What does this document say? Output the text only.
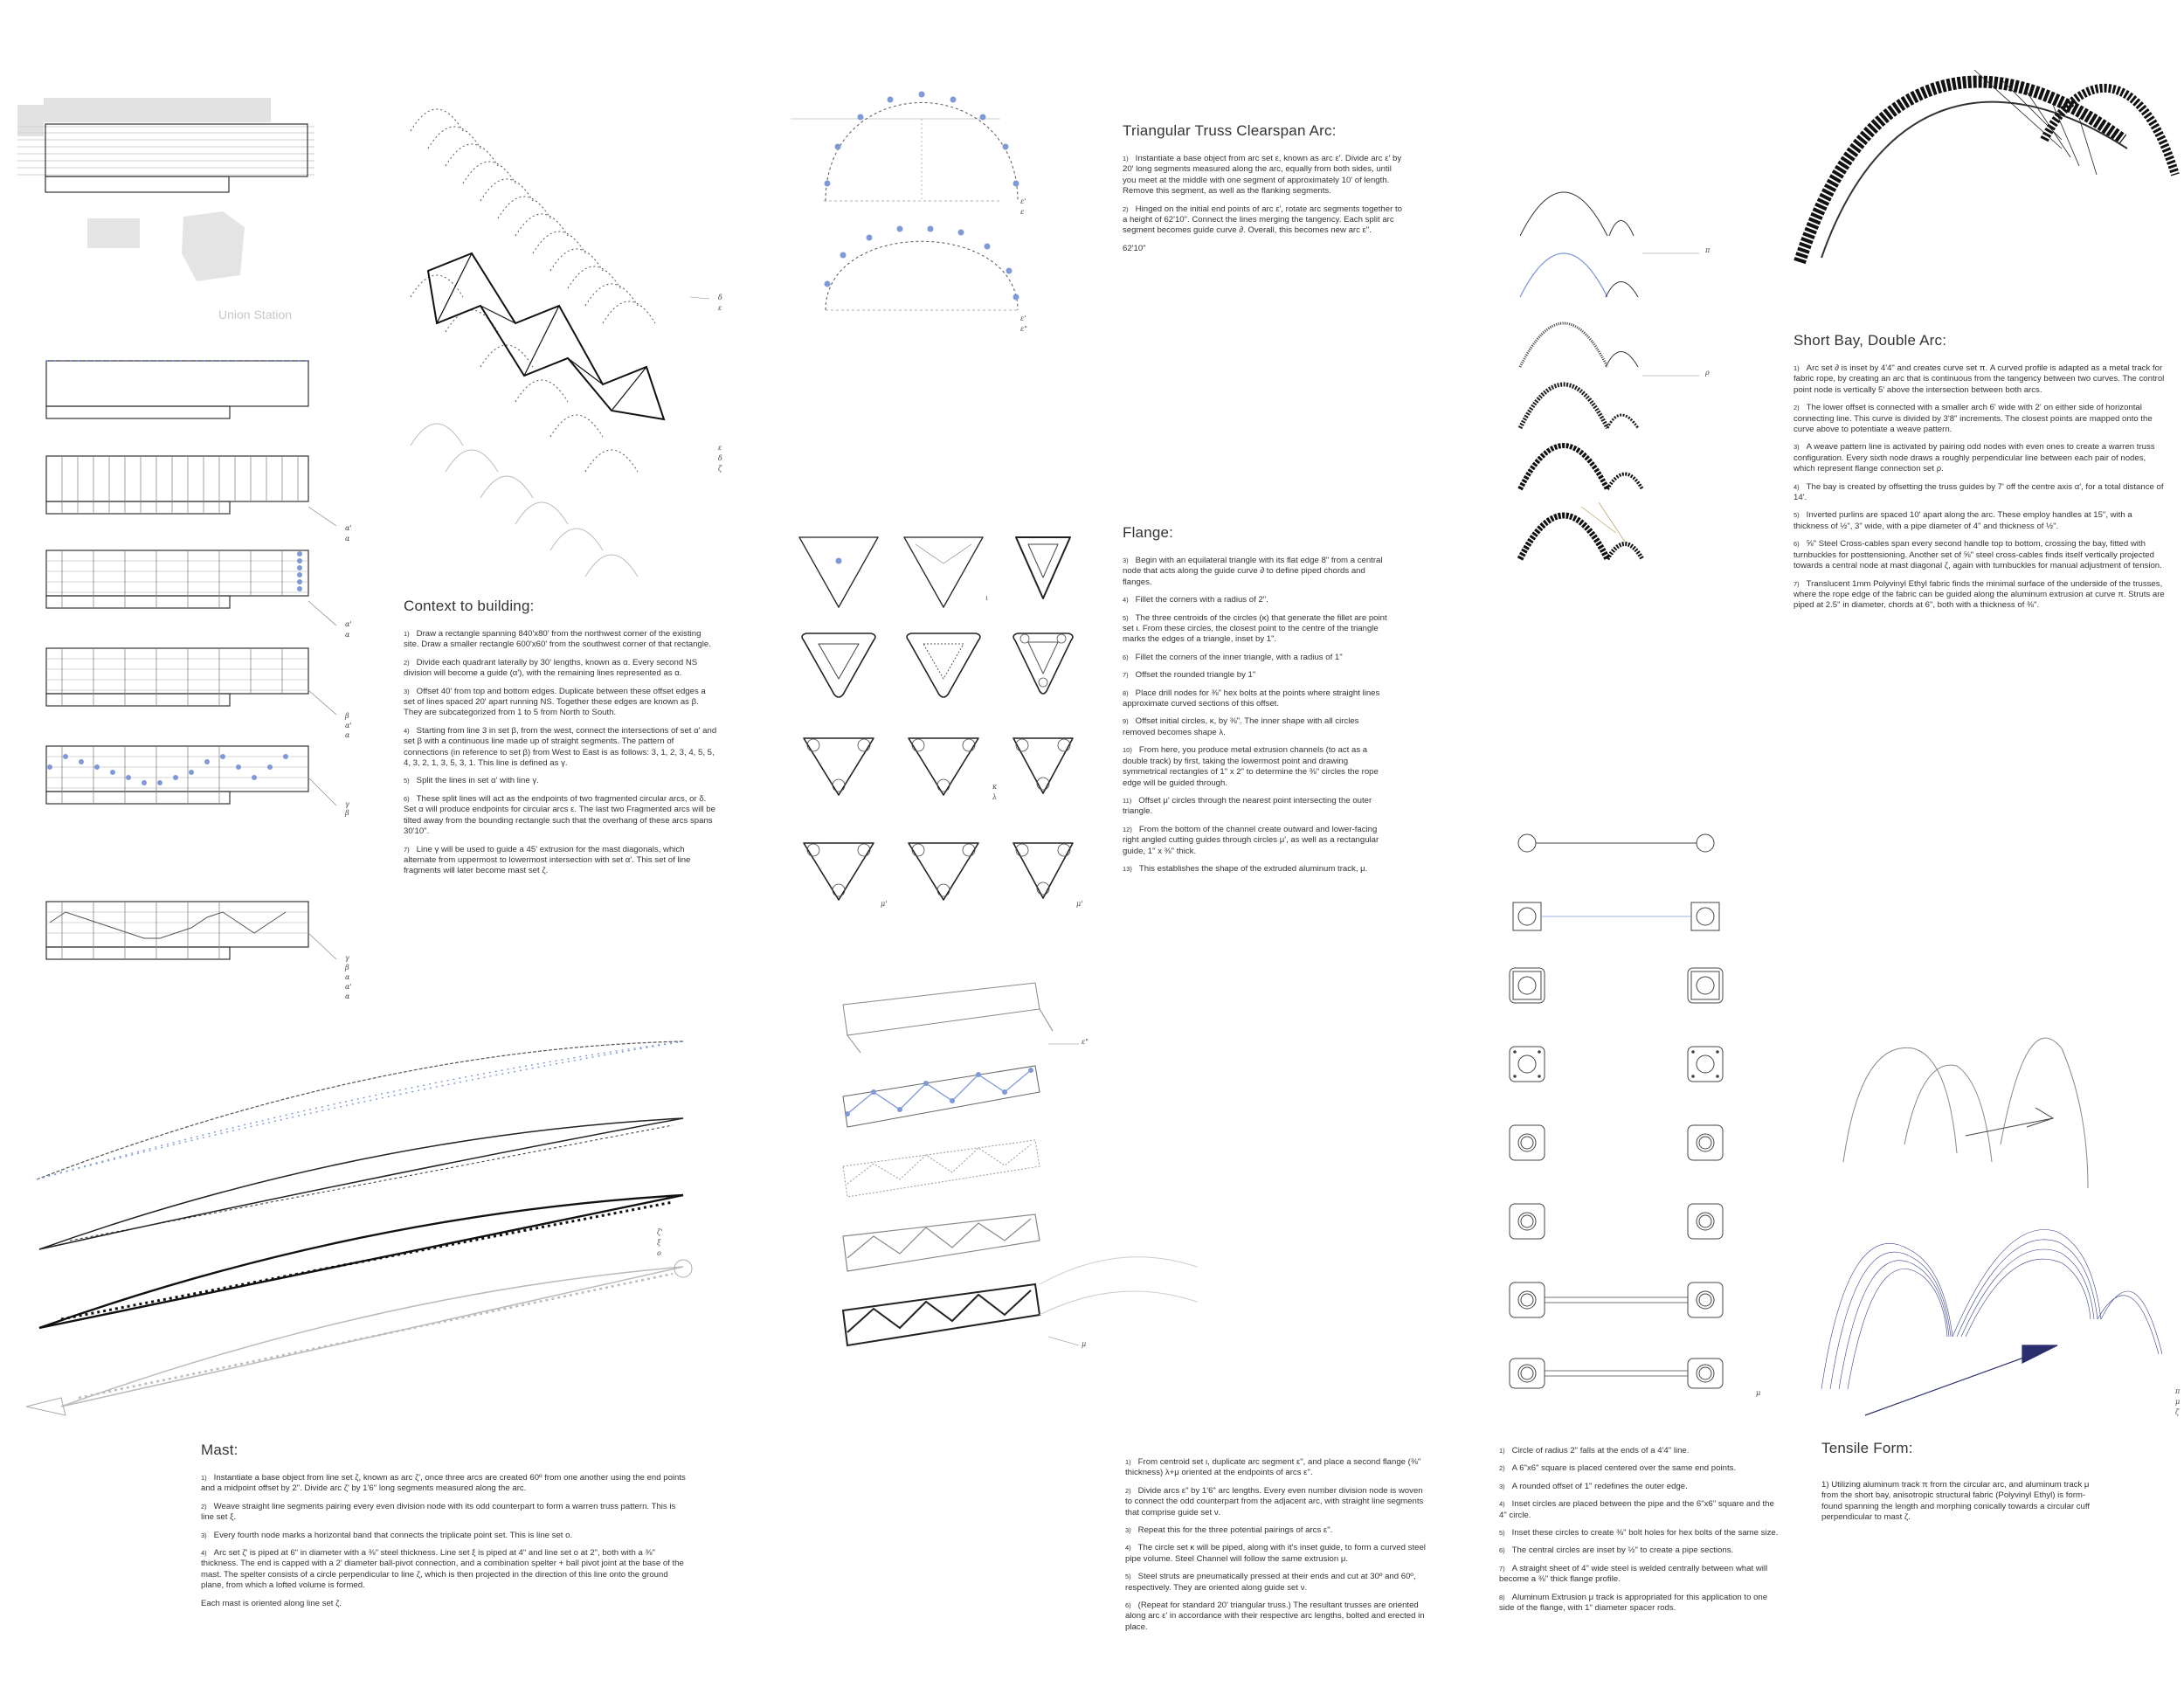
Union Station
α'
α
α'
α
β
α'
α
γ
β
γ
β
α
α'
α
δ
ε
ε
δ
ζ
Context to building:
1) Draw a rectangle spanning 840'x80' from the northwest corner of the existing site. Draw a smaller rectangle 600'x60' from the southwest corner of that rectangle.
2) Divide each quadrant laterally by 30' lengths, known as α. Every second NS division will become a guide (α'), with the remaining lines represented as α.
3) Offset 40' from top and bottom edges. Duplicate between these offset edges a set of lines spaced 20' apart running NS. Together these edges are known as β. They are subcategorized from 1 to 5 from North to South.
4) Starting from line 3 in set β, from the west, connect the intersections of set α' and set β with a continuous line made up of straight segments. The pattern of connections (in reference to set β) from West to East is as follows: 3, 1, 2, 3, 4, 5, 5, 4, 3, 2, 1, 3, 5, 3, 1. This line is defined as γ.
5) Split the lines in set α' with line γ.
6) These split lines will act as the endpoints of two fragmented circular arcs, or δ. Set α will produce endpoints for circular arcs ε. The last two Fragmented arcs will be tilted away from the bounding rectangle such that the overhang of these arcs spans 30'10".
7) Line γ will be used to guide a 45' extrusion for the mast diagonals, which alternate from uppermost to lowermost intersection with set α'. This set of line fragments will later become mast set ζ.
ε'
ε
ε'
ε"
Triangular Truss Clearspan Arc:
1) Instantiate a base object from arc set ε, known as arc ε'. Divide arc ε' by 20' long segments measured along the arc, equally from both sides, until you meet at the middle with one segment of approximately 10' of length. Remove this segment, as well as the flanking segments.
2) Hinged on the initial end points of arc ε', rotate arc segments together to a height of 62'10". Connect the lines merging the tangency. Each split arc segment becomes guide curve ∂. Overall, this becomes new arc ε".
62'10"
ι
κ
λ
μ'	μ'
Flange:
3) Begin with an equilateral triangle with its flat edge 8" from a central node that acts along the guide curve ∂ to define piped chords and flanges.
4) Fillet the corners with a radius of 2".
5) The three centroids of the circles (κ) that generate the fillet are point set ι. From these circles, the closest point to the centre of the triangle marks the edges of a triangle, inset by 1".
6) Fillet the corners of the inner triangle, with a radius of 1"
7) Offset the rounded triangle by 1"
8) Place drill nodes for ⅜" hex bolts at the points where straight lines approximate curved sections of this offset.
9) Offset initial circles, κ, by ⅜". The inner shape with all circles removed becomes shape λ.
10) From here, you produce metal extrusion channels (to act as a double track) by first, taking the lowermost point and drawing symmetrical rectangles of 1" x 2" to determine the ⅜" circles the rope edge will be guided through.
11) Offset μ' circles through the nearest point intersecting the outer triangle.
12) From the bottom of the channel create outward and lower-facing right angled cutting guides through circles μ', as well as a rectangular guide, 1" x ⅜" thick.
13) This establishes the shape of the extruded aluminum track, μ.
π
ρ
Short Bay, Double Arc:
1) Arc set ∂ is inset by 4'4" and creates curve set π. A curved profile is adapted as a metal track for fabric rope, by creating an arc that is continuous from the tangency between two curves. The control point node is vertically 5' above the intersection between both arcs.
2) The lower offset is connected with a smaller arch 6' wide with 2' on either side of horizontal connecting line. This curve is divided by 3'8" increments. The closest points are mapped onto the curve above to potentiate a weave pattern.
3) A weave pattern line is activated by pairing odd nodes with even ones to create a warren truss configuration. Every sixth node draws a roughly perpendicular line between each pair of nodes, which represent flange connection set ρ.
4) The bay is created by offsetting the truss guides by 7' off the centre axis α', for a total distance of 14'.
5) Inverted purlins are spaced 10' apart along the arc. These employ handles at 15", with a thickness of ½", 3" wide, with a pipe diameter of 4" and thickness of ½".
6) ⅝" Steel Cross-cables span every second handle top to bottom, crossing the bay, fitted with turnbuckles for posttensioning. Another set of ⅝" steel cross-cables finds itself vertically projected towards a central node at mast diagonal ζ, again with turnbuckles for manual adjustment of tension.
7) Translucent 1mm Polyvinyl Ethyl fabric finds the minimal surface of the underside of the trusses, where the rope edge of the fabric can be guided along the aluminum extrusion at curve π. Struts are piped at 2.5" in diameter, chords at 6", both with a thickness of ⅜".
ζ'
ξ
ο
Mast:
1) Instantiate a base object from line set ζ, known as arc ζ', once three arcs are created 60º from one another using the end points and a midpoint offset by 2". Divide arc ζ' by 1'6" long segments measured along the arc.
2) Weave straight line segments pairing every even division node with its odd counterpart to form a warren truss pattern. This is line set ξ.
3) Every fourth node marks a horizontal band that connects the triplicate point set. This is line set ο.
4) Arc set ζ' is piped at 6" in diameter with a ⅜" steel thickness. Line set ξ is piped at 4" and line set ο at 2", both with a ⅜" thickness. The end is capped with a 2' diameter ball-pivot connection, and a combination spelter + ball pivot joint at the base of the mast. The spelter consists of a circle perpendicular to line ζ, which is then projected in the direction of this line onto the ground plane, from which a lofted volume is formed.
Each mast is oriented along line set ζ.
ε"
μ
1) From centroid set ι, duplicate arc segment ε", and place a second flange (⅜" thickness) λ+μ oriented at the endpoints of arcs ε".
2) Divide arcs ε" by 1'6" arc lengths. Every even number division node is woven to connect the odd counterpart from the adjacent arc, with straight line segments that comprise guide set ν.
3) Repeat this for the three potential pairings of arcs ε".
4) The circle set κ will be piped, along with it's inset guide, to form a curved steel pipe volume. Steel Channel will follow the same extrusion μ.
5) Steel struts are pneumatically pressed at their ends and cut at 30º and 60º, respectively. They are oriented along guide set ν.
6) (Repeat for standard 20' triangular truss.) The resultant trusses are oriented along arc ε' in accordance with their respective arc lengths, bolted and erected in place.
μ
1) Circle of radius 2" falls at the ends of a 4'4" line.
2) A 6"x6" square is placed centered over the same end points.
3) A rounded offset of 1" redefines the outer edge.
4) Inset circles are placed between the pipe and the 6"x6" square and the 4" circle.
5) Inset these circles to create ⅜" bolt holes for hex bolts of the same size.
6) The central circles are inset by ½" to create a pipe sections.
7) A straight sheet of 4" wide steel is welded centrally between what will become a ⅜" thick flange profile.
8) Aluminum Extrusion μ track is appropriated for this application to one side of the flange, with 1" diameter spacer rods.
π
μ
ζ
Tensile Form:
1) Utilizing aluminum track π from the circular arc, and aluminum track μ from the short bay, anisotropic structural fabric (Polyvinyl Ethyl) is form-found spanning the length and morphing conically towards a circular cuff perpendicular to mast ζ.
